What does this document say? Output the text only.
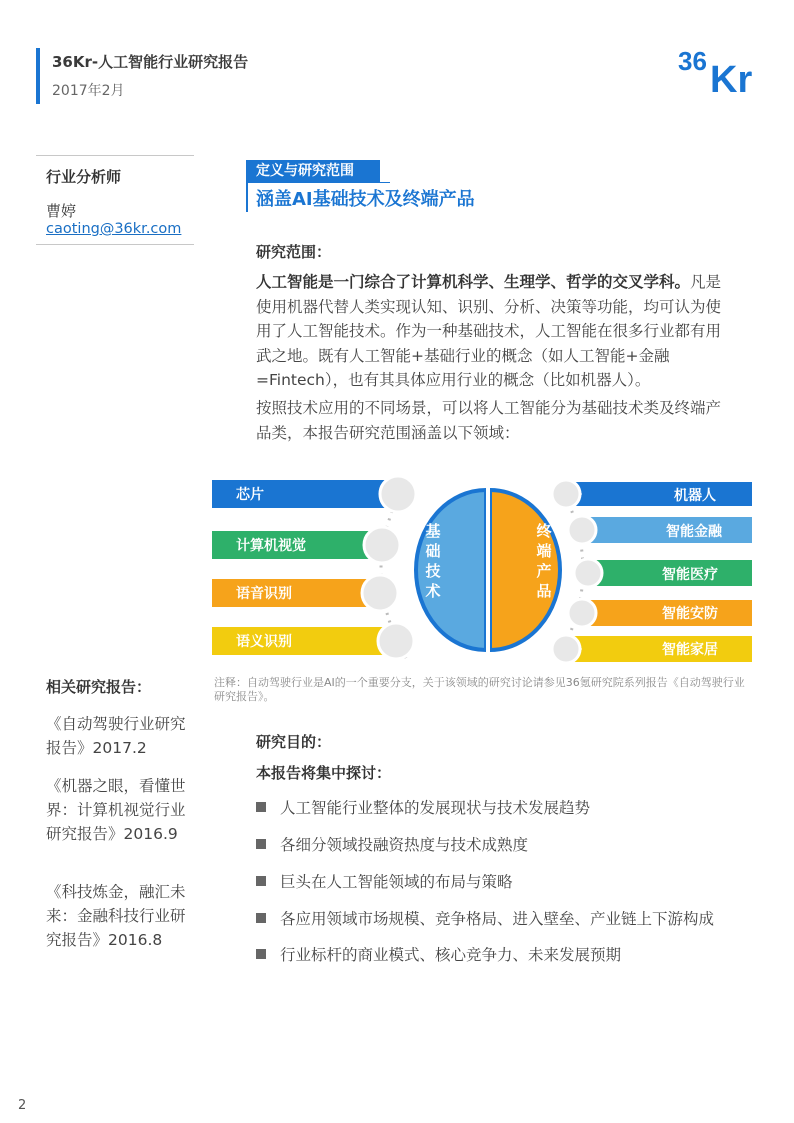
36Kr-人工智能行业研究报告
2017年2月
36 Kr
行业分析师
曹婷
caoting@36kr.com
相关研究报告：
《自动驾驶行业研究报告》2017.2
《机器之眼，看懂世界：计算机视觉行业研究报告》2016.9
《科技炼金，融汇未来：金融科技行业研究报告》2016.8
定义与研究范围
涵盖AI基础技术及终端产品
研究范围：
人工智能是一门综合了计算机科学、生理学、哲学的交叉学科。凡是使用机器代替人类实现认知、识别、分析、决策等功能，均可认为使用了人工智能技术。作为一种基础技术，人工智能在很多行业都有用武之地。既有人工智能+基础行业的概念（如人工智能+金融=Fintech），也有其具体应用行业的概念（比如机器人）。
按照技术应用的不同场景，可以将人工智能分为基础技术类及终端产品类，本报告研究范围涵盖以下领域：
芯片
计算机视觉
语音识别
语义识别
机器人
智能金融
智能医疗
智能安防
智能家居
基础技术
终端产品
注释：自动驾驶行业是AI的一个重要分支，关于该领域的研究讨论请参见36氪研究院系列报告《自动驾驶行业研究报告》。
研究目的：
本报告将集中探讨：
人工智能行业整体的发展现状与技术发展趋势
各细分领域投融资热度与技术成熟度
巨头在人工智能领域的布局与策略
各应用领域市场规模、竞争格局、进入壁垒、产业链上下游构成
行业标杆的商业模式、核心竞争力、未来发展预期
2
